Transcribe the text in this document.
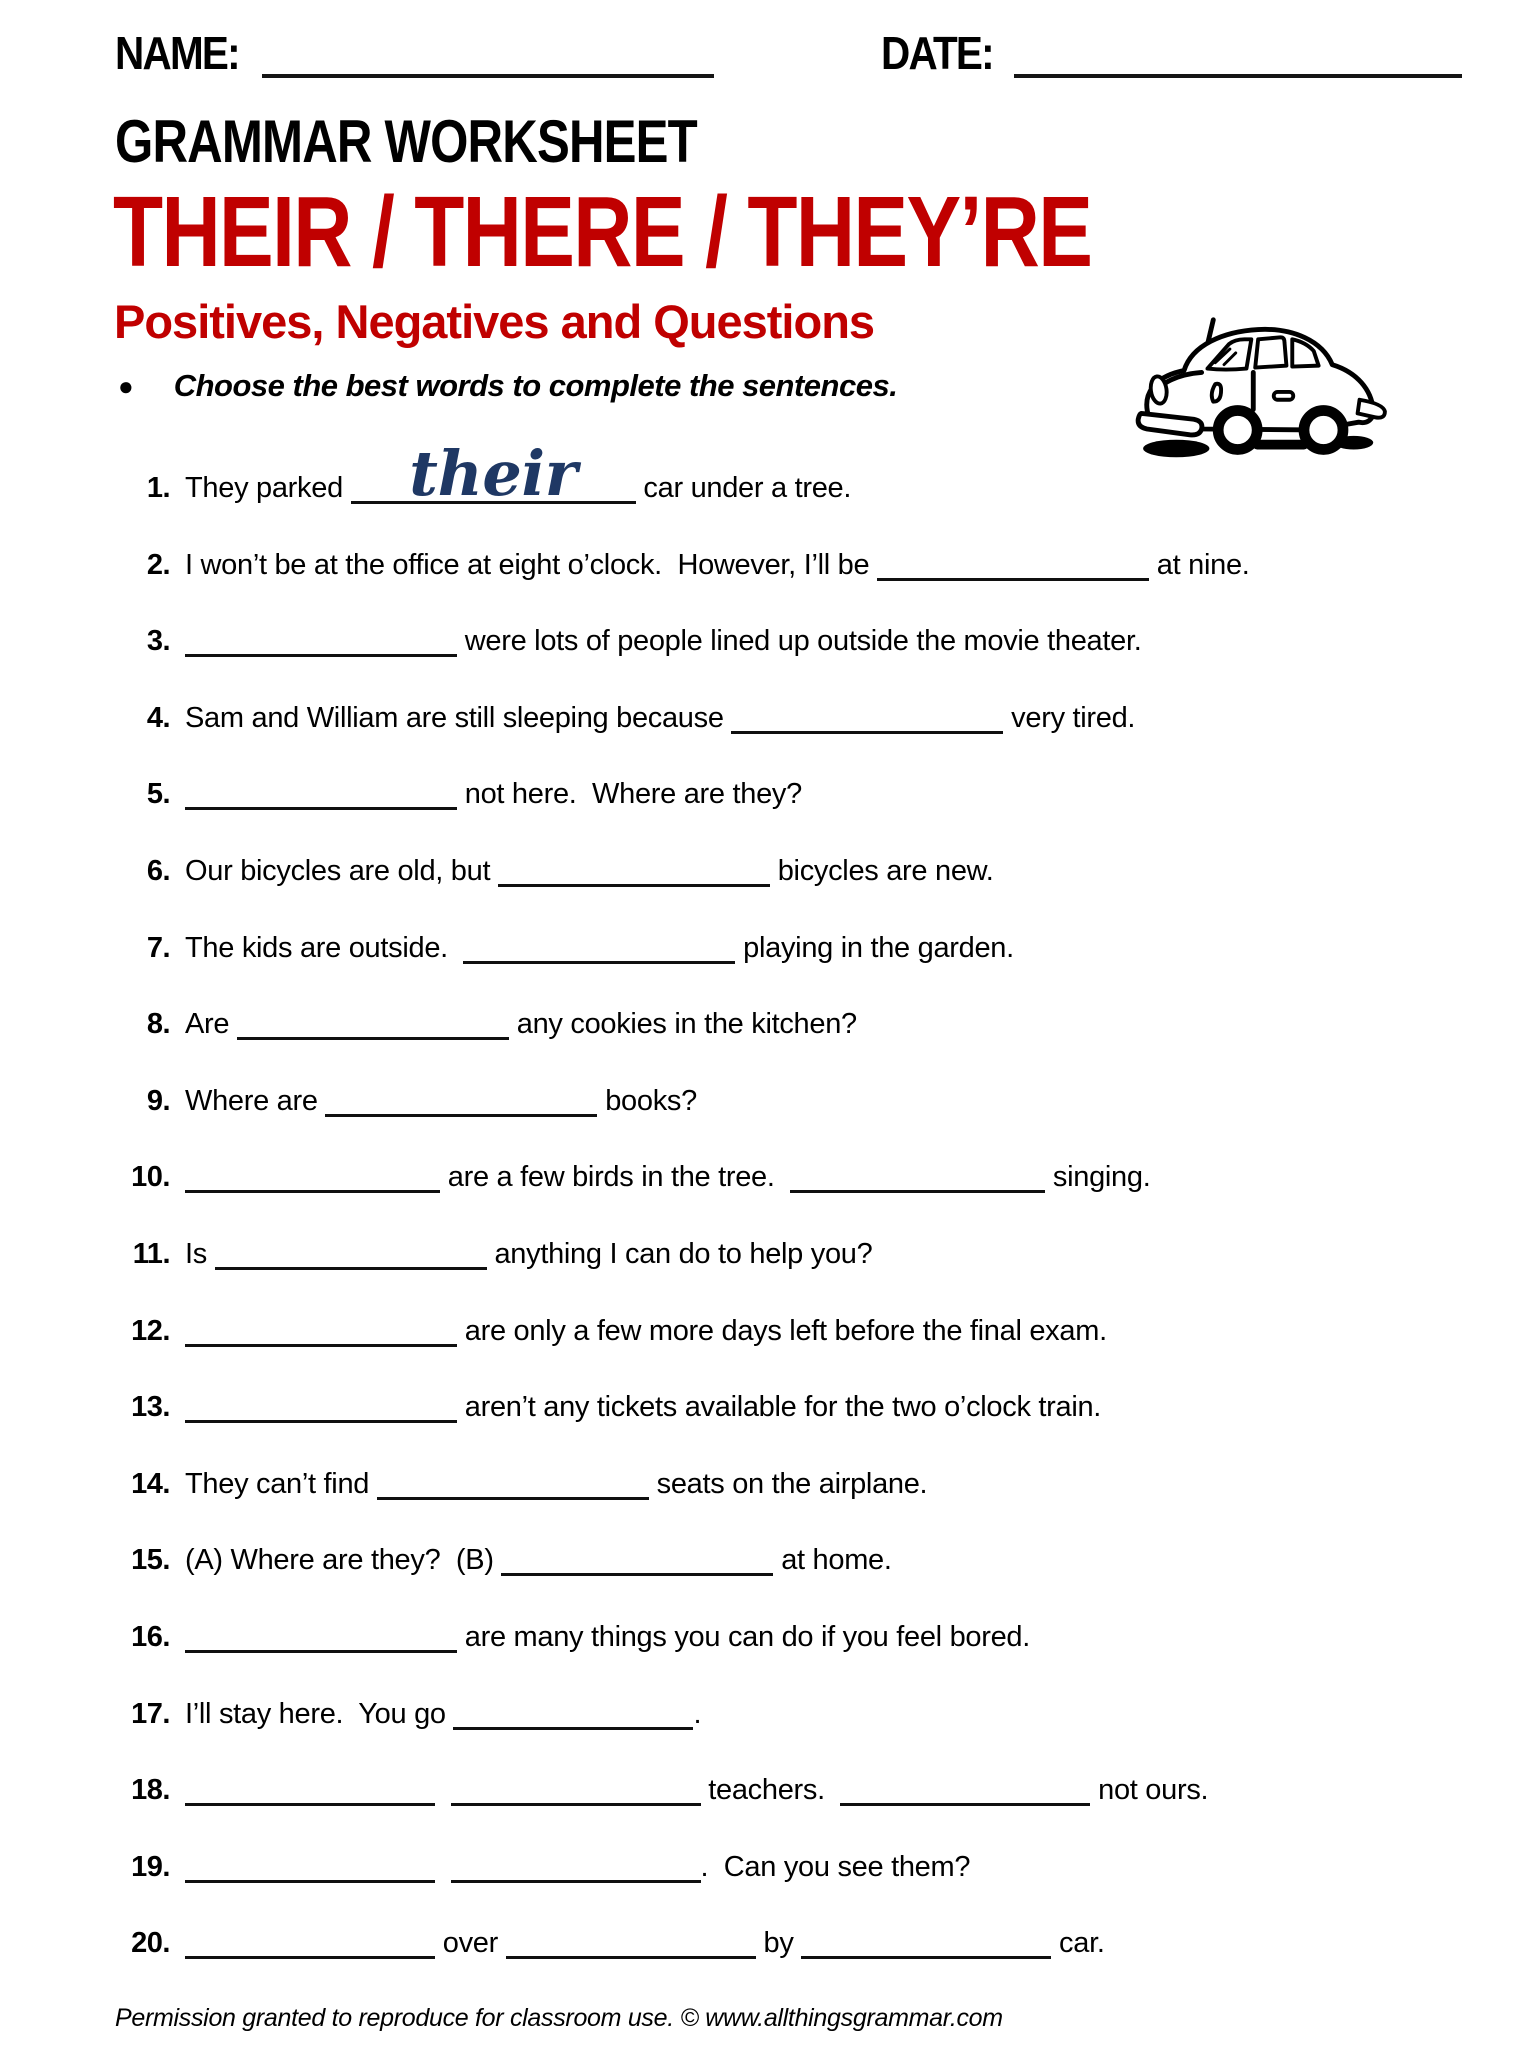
NAME:	DATE:
GRAMMAR WORKSHEET
THEIR / THERE / THEY’RE
Positives, Negatives and Questions
● Choose the best words to complete the sentences.
1. They parked their car under a tree.
2. I won’t be at the office at eight o’clock.  However, I’ll be	at nine.
3.	were lots of people lined up outside the movie theater.
4. Sam and William are still sleeping because	very tired.
5.	not here.  Where are they?
6. Our bicycles are old, but	bicycles are new.
7. The kids are outside.	playing in the garden.
8. Are	any cookies in the kitchen?
9. Where are	books?
10.	are a few birds in the tree.	singing.
11. Is	anything I can do to help you?
12.	are only a few more days left before the final exam.
13.	aren’t any tickets available for the two o’clock train.
14. They can’t find	seats on the airplane.
15. (A) Where are they?  (B)	at home.
16.	are many things you can do if you feel bored.
17. I’ll stay here.  You go	.
18.	teachers.	not ours.
19.	.  Can you see them?
20.	over	by	car.
Permission granted to reproduce for classroom use. © www.allthingsgrammar.com
